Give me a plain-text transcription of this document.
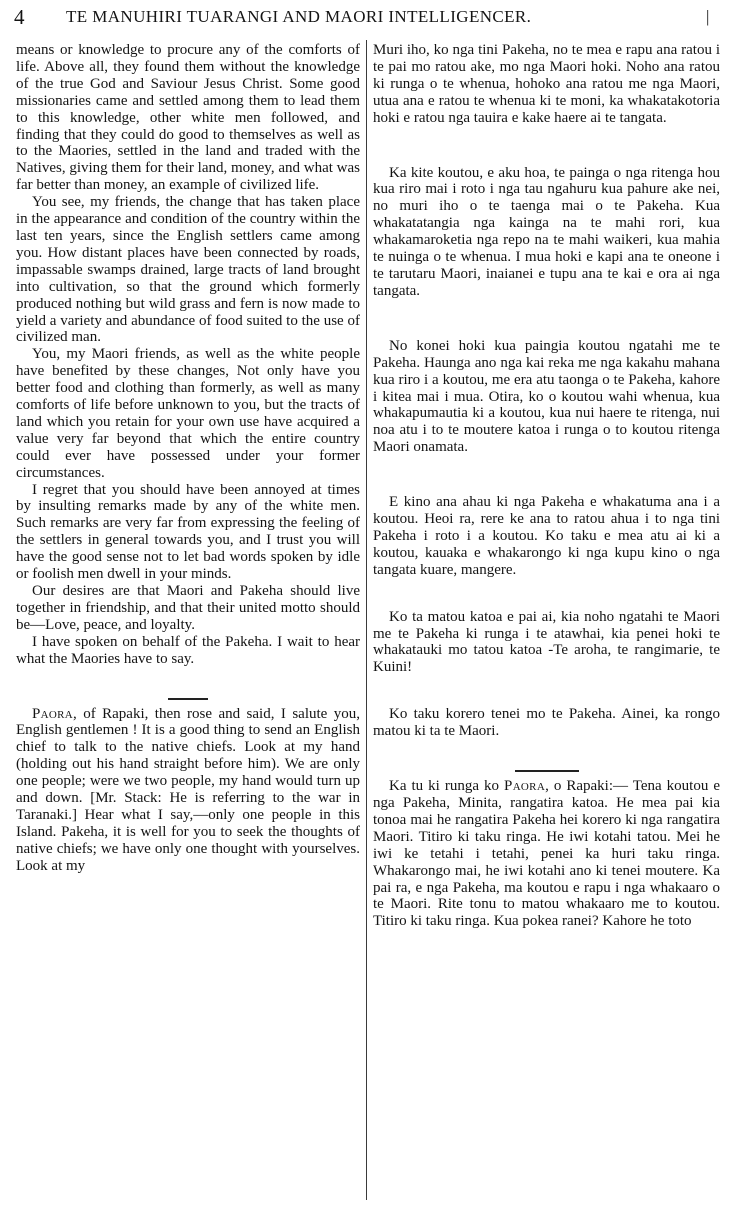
4 TE MANUHIRI TUARANGI AND MAORI INTELLIGENCER.	|

means or knowledge to procure any of the comforts of life. Above all, they found them without the knowledge of the true God and Saviour Jesus Christ. Some good missionaries came and settled among them to lead them to this knowledge, other white men followed, and finding that they could do good to themselves as well as to the Maories, settled in the land and traded with the Natives, giving them for their land, money, and what was far better than money, an example of civilized life.

You see, my friends, the change that has taken place in the appearance and condition of the country within the last ten years, since the English settlers came among you. How distant places have been connected by roads, impassable swamps drained, large tracts of land brought into cultivation, so that the ground which formerly produced nothing but wild grass and fern is now made to yield a variety and abundance of food suited to the use of civilized man.

You, my Maori friends, as well as the white people have benefited by these changes, Not only have you better food and clothing than formerly, as well as many comforts of life before unknown to you, but the tracts of land which you retain for your own use have acquired a value very far beyond that which the entire country could ever have possessed under your former circumstances.

I regret that you should have been annoyed at times by insulting remarks made by any of the white men. Such remarks are very far from expressing the feeling of the settlers in general towards you, and I trust you will have the good sense not to let bad words spoken by idle or foolish men dwell in your minds.

Our desires are that Maori and Pakeha should live together in friendship, and that their united motto should be—Love, peace, and loyalty.

I have spoken on behalf of the Pakeha. I wait to hear what the Maories have to say.

Paora, of Rapaki, then rose and said, I salute you, English gentlemen ! It is a good thing to send an English chief to talk to the native chiefs. Look at my hand (holding out his hand straight before him). We are only one people; were we two people, my hand would turn up and down. [Mr. Stack: He is referring to the war in Taranaki.] Hear what I say,—only one people in this Island. Pakeha, it is well for you to seek the thoughts of native chiefs; we have only one thought with yourselves. Look at my

Muri iho, ko nga tini Pakeha, no te mea e rapu ana ratou i te pai mo ratou ake, mo nga Maori hoki. Noho ana ratou ki runga o te whenua, hohoko ana ratou me nga Maori, utua ana e ratou te whenua ki te moni, ka whakatakotoria hoki e ratou nga tauira e kake haere ai te tangata.

Ka kite koutou, e aku hoa, te painga o nga ritenga hou kua riro mai i roto i nga tau ngahuru kua pahure ake nei, no muri iho o te taenga mai o te Pakeha. Kua whakatatangia nga kainga na te mahi rori, kua whakamaroketia nga repo na te mahi waikeri, kua mahia te nuinga o te whenua. I mua hoki e kapi ana te oneone i te tarutaru Maori, inaianei e tupu ana te kai e ora ai nga tangata.

No konei hoki kua paingia koutou ngatahi me te Pakeha. Haunga ano nga kai reka me nga kakahu mahana kua riro i a koutou, me era atu taonga o te Pakeha, kahore i kitea mai i mua. Otira, ko o koutou wahi whenua, kua whakapumautia ki a koutou, kua nui haere te ritenga, nui noa atu i to te moutere katoa i runga o to koutou ritenga Maori onamata.

E kino ana ahau ki nga Pakeha e whakatuma ana i a koutou. Heoi ra, rere ke ana to ratou ahua i to nga tini Pakeha i roto i a koutou. Ko taku e mea atu ai ki a koutou, kauaka e whakarongo ki nga kupu kino o nga tangata kuare, mangere.

Ko ta matou katoa e pai ai, kia noho ngatahi te Maori me te Pakeha ki runga i te atawhai, kia penei hoki te whakatauki mo tatou katoa -Te aroha, te rangimarie, te Kuini!

Ko taku korero tenei mo te Pakeha. Ainei, ka rongo matou ki ta te Maori.

Ka tu ki runga ko Paora, o Rapaki:— Tena koutou e nga Pakeha, Minita, rangatira katoa. He mea pai kia tonoa mai he rangatira Pakeha hei korero ki nga rangatira Maori. Titiro ki taku ringa. He iwi kotahi tatou. Mei he iwi ke tetahi i tetahi, penei ka huri taku ringa. Whakarongo mai, he iwi kotahi ano ki tenei moutere. Ka pai ra, e nga Pakeha, ma koutou e rapu i nga whakaaro o te Maori. Rite tonu to matou whakaaro me to koutou. Titiro ki taku ringa. Kua pokea ranei? Kahore he toto
